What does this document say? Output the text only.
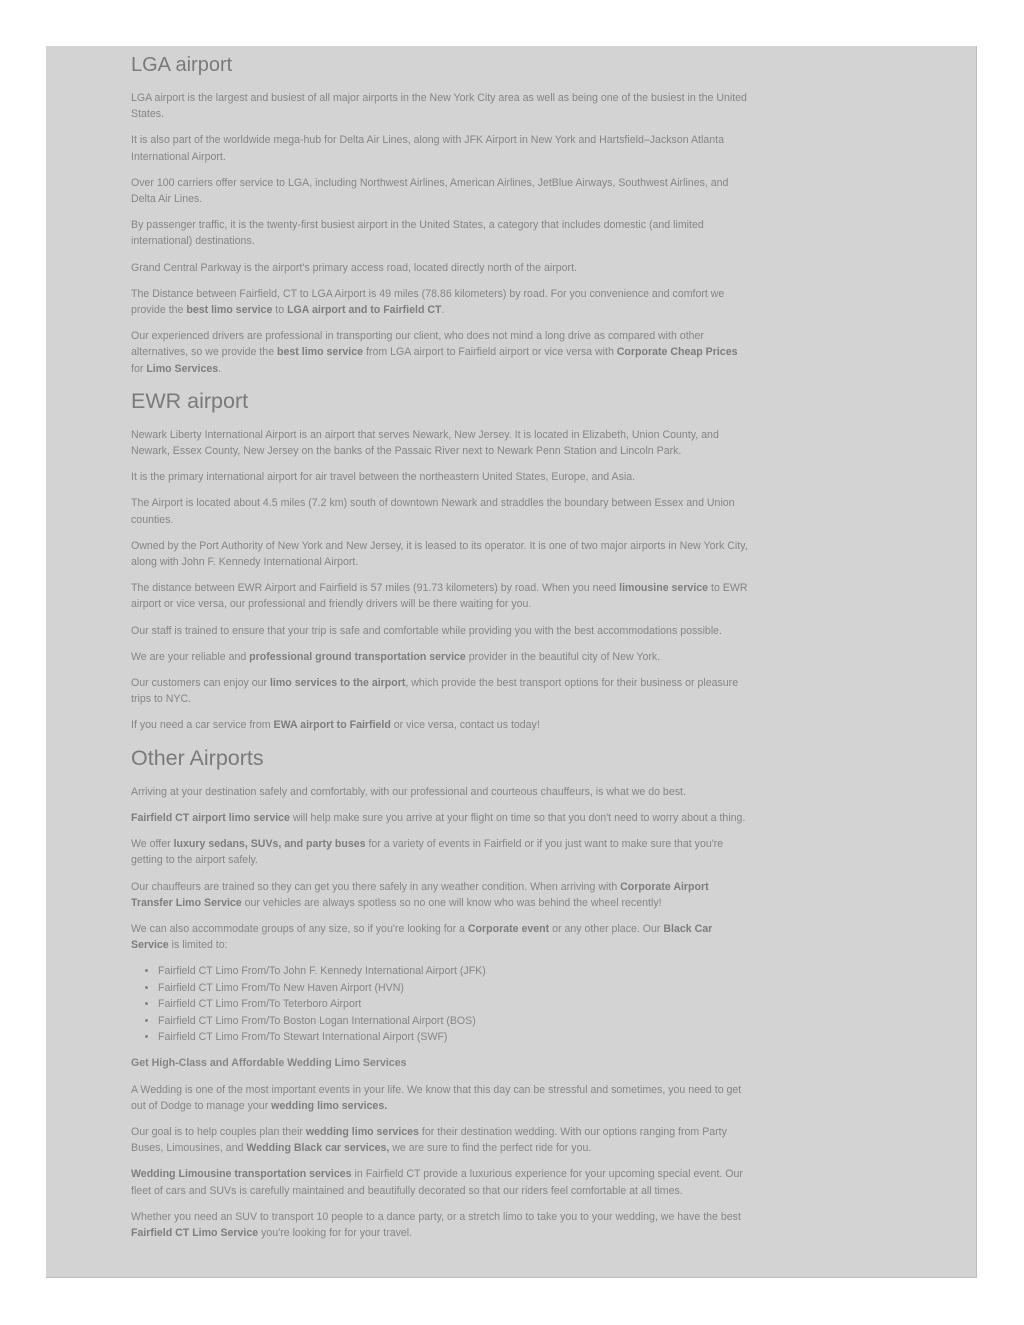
LGA airport

LGA airport is the largest and busiest of all major airports in the New York City area as well as being one of the busiest in the United States.

It is also part of the worldwide mega-hub for Delta Air Lines, along with JFK Airport in New York and Hartsfield–Jackson Atlanta International Airport.

Over 100 carriers offer service to LGA, including Northwest Airlines, American Airlines, JetBlue Airways, Southwest Airlines, and Delta Air Lines.

By passenger traffic, it is the twenty-first busiest airport in the United States, a category that includes domestic (and limited international) destinations.

Grand Central Parkway is the airport's primary access road, located directly north of the airport.

The Distance between Fairfield, CT to LGA Airport is 49 miles (78.86 kilometers) by road. For you convenience and comfort we provide the best limo service to LGA airport and to Fairfield CT.

Our experienced drivers are professional in transporting our client, who does not mind a long drive as compared with other alternatives, so we provide the best limo service from LGA airport to Fairfield airport or vice versa with Corporate Cheap Prices for Limo Services.

EWR airport

Newark Liberty International Airport is an airport that serves Newark, New Jersey. It is located in Elizabeth, Union County, and Newark, Essex County, New Jersey on the banks of the Passaic River next to Newark Penn Station and Lincoln Park.

It is the primary international airport for air travel between the northeastern United States, Europe, and Asia.

The Airport is located about 4.5 miles (7.2 km) south of downtown Newark and straddles the boundary between Essex and Union counties.

Owned by the Port Authority of New York and New Jersey, it is leased to its operator. It is one of two major airports in New York City, along with John F. Kennedy International Airport.

The distance between EWR Airport and Fairfield is 57 miles (91.73 kilometers) by road. When you need limousine service to EWR airport or vice versa, our professional and friendly drivers will be there waiting for you.

Our staff is trained to ensure that your trip is safe and comfortable while providing you with the best accommodations possible.

We are your reliable and professional ground transportation service provider in the beautiful city of New York.

Our customers can enjoy our limo services to the airport, which provide the best transport options for their business or pleasure trips to NYC.

If you need a car service from EWA airport to Fairfield or vice versa, contact us today!

Other Airports

Arriving at your destination safely and comfortably, with our professional and courteous chauffeurs, is what we do best.

Fairfield CT airport limo service will help make sure you arrive at your flight on time so that you don't need to worry about a thing.

We offer luxury sedans, SUVs, and party buses for a variety of events in Fairfield or if you just want to make sure that you're getting to the airport safely.

Our chauffeurs are trained so they can get you there safely in any weather condition. When arriving with Corporate Airport Transfer Limo Service our vehicles are always spotless so no one will know who was behind the wheel recently!

We can also accommodate groups of any size, so if you're looking for a Corporate event or any other place. Our Black Car Service is limited to:

• Fairfield CT Limo From/To John F. Kennedy International Airport (JFK)
• Fairfield CT Limo From/To New Haven Airport (HVN)
• Fairfield CT Limo From/To Teterboro Airport
• Fairfield CT Limo From/To Boston Logan International Airport (BOS)
• Fairfield CT Limo From/To Stewart International Airport (SWF)

Get High-Class and Affordable Wedding Limo Services

A Wedding is one of the most important events in your life. We know that this day can be stressful and sometimes, you need to get out of Dodge to manage your wedding limo services.

Our goal is to help couples plan their wedding limo services for their destination wedding. With our options ranging from Party Buses, Limousines, and Wedding Black car services, we are sure to find the perfect ride for you.

Wedding Limousine transportation services in Fairfield CT provide a luxurious experience for your upcoming special event. Our fleet of cars and SUVs is carefully maintained and beautifully decorated so that our riders feel comfortable at all times.

Whether you need an SUV to transport 10 people to a dance party, or a stretch limo to take you to your wedding, we have the best Fairfield CT Limo Service you're looking for for your travel.
